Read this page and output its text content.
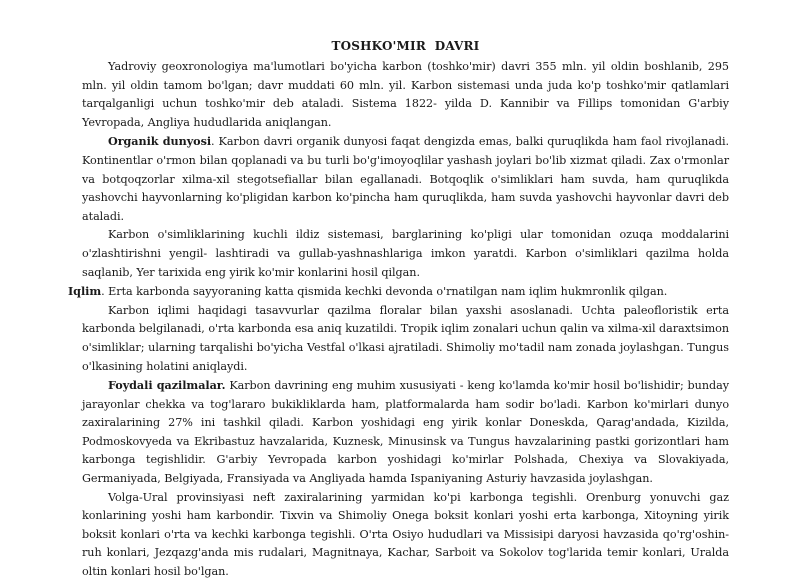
TOSHKO'MIR  DAVRI

Yadroviy geoxronologiya ma'lumotlari bo'yicha karbon (toshko'mir) davri 355 mln. yil oldin boshlanib, 295 mln. yil oldin tamom bo'lgan; davr muddati 60 mln. yil. Karbon sistemasi unda juda ko'p toshko'mir qatlamlari tarqalganligi uchun toshko'mir deb ataladi. Sistema 1822- yilda D. Kannibir va Fillips tomonidan G'arbiy Yevropada, Angliya hududlarida aniqlangan.

Organik dunyosi. Karbon davri organik dunyosi faqat dengizda emas, balki quruqlikda ham faol rivojlanadi. Kontinentlar o'rmon bilan qoplanadi va bu turli bo'g'imoyoqlilar yashash joylari bo'lib xizmat qiladi. Zax o'rmonlar va botqoqzorlar xilma-xil stegotsefiallar bilan egallanadi. Botqoqlik o'simliklari ham suvda, ham quruqlikda yashovchi hayvonlarning ko'pligidan karbon ko'pincha ham quruqlikda, ham suvda yashovchi hayvonlar davri deb ataladi.

Karbon o'simliklarining kuchli ildiz sistemasi, barglarining ko'pligi ular tomonidan ozuqa moddalarini o'zlashtirishni yengil- lashtiradi va gullab-yashnashlariga imkon yaratdi. Karbon o'simliklari qazilma holda saqlanib, Yer tarixida eng yirik ko'mir konlarini hosil qilgan.

Iqlim. Erta karbonda sayyoraning katta qismida kechki devonda o'rnatilgan nam iqlim hukmronlik qilgan.

Karbon iqlimi haqidagi tasavvurlar qazilma floralar bilan yaxshi asoslanadi. Uchta paleofloristik erta karbonda belgilanadi, o'rta karbonda esa aniq kuzatildi. Tropik iqlim zonalari uchun qalin va xilma-xil daraxtsimon o'simliklar; ularning tarqalishi bo'yicha Vestfal o'lkasi ajratiladi. Shimoliy mo'tadil nam zonada joylashgan. Tungus o'lkasining holatini aniqlaydi.

Foydali qazilmalar. Karbon davrining eng muhim xususiyati - keng ko'lamda ko'mir hosil bo'lishidir; bunday jarayonlar chekka va tog'lararo bukikliklarda ham, platformalarda ham sodir bo'ladi. Karbon ko'mirlari dunyo zaxiralarining 27% ini tashkil qiladi. Karbon yoshidagi eng yirik konlar Doneskda, Qarag'andada, Kizilda, Podmoskovyeda va Ekribastuz havzalarida, Kuznesk, Minusinsk va Tungus havzalarining pastki gorizontlari ham karbonga tegishlidir. G'arbiy Yevropada karbon yoshidagi ko'mirlar Polshada, Chexiya va Slovakiyada, Germaniyada, Belgiyada, Fransiyada va Angliyada hamda Ispaniyaning Asturiy havzasida joylashgan.

Volga-Ural provinsiyasi neft zaxiralarining yarmidan ko'pi karbonga tegishli. Orenburg yonuvchi gaz konlarining yoshi ham karbondir. Tixvin va Shimoliy Onega boksit konlari yoshi erta karbonga, Xitoyning yirik boksit konlari o'rta va kechki karbonga tegishli. O'rta Osiyo hududlari va Missisipi daryosi havzasida qo'rg'oshin-ruh konlari, Jezqazg'anda mis rudalari, Magnitnaya, Kachar, Sarboit va Sokolov tog'larida temir konlari, Uralda oltin konlari hosil bo'lgan.
